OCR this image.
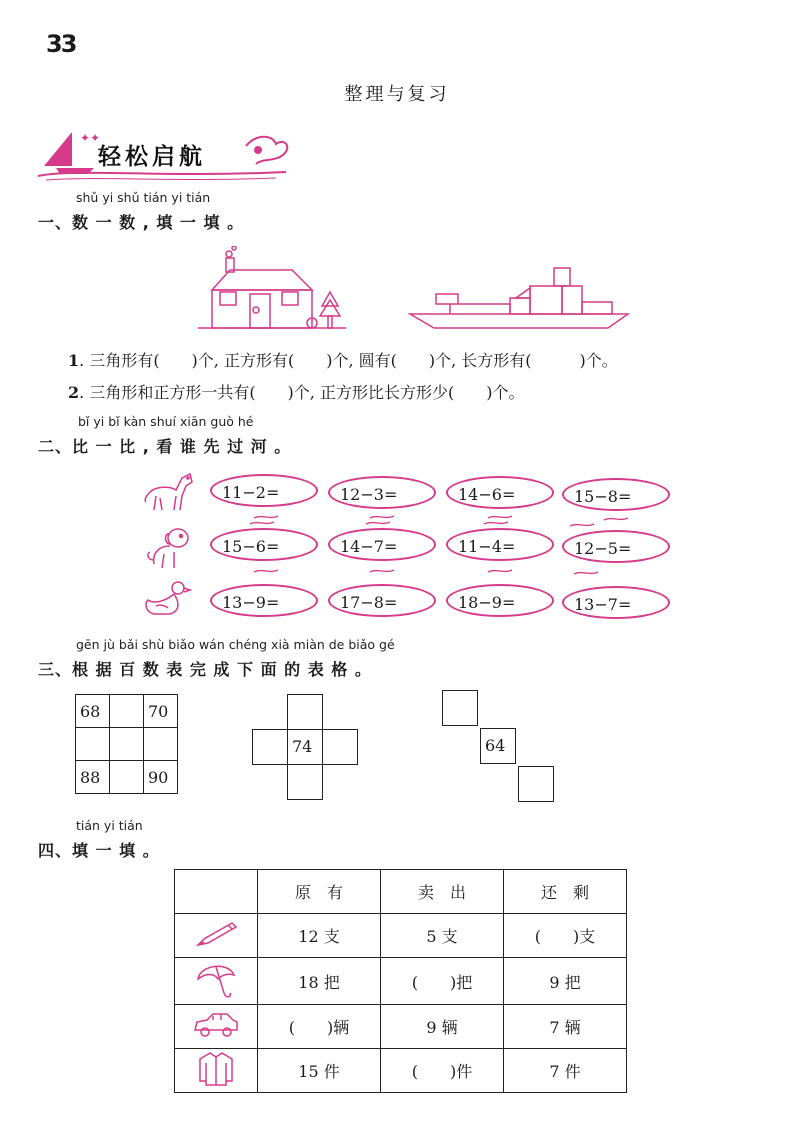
33
整理与复习
✦✦
轻松启航
shǔ yi shǔ tián yi tián
一、数 一 数 , 填 一 填 。
1. 三角形有(　　)个, 正方形有(　　)个, 圆有(　　)个, 长方形有(　　　)个。
2. 三角形和正方形一共有(　　)个, 正方形比长方形少(　　)个。
bǐ yi bǐ kàn shuí xiān guò hé
二、比 一 比 , 看 谁 先 过 河 。
11−2=	12−3=	14−6=	15−8=
15−6=	14−7=	11−4=	12−5=
13−9=	17−8=	18−9=	13−7=
gēn jù bǎi shù biǎo wán chéng xià miàn de biǎo gé
三、根 据 百 数 表 完 成 下 面 的 表 格 。
68		70

88		90
74	64
tián yi tián
四、填 一 填 。
	原　有	卖　出	还　剩
	12 支	5 支	(　　)支
	18 把	(　　)把	9 把
	(　　)辆	9 辆	7 辆
	15 件	(　　)件	7 件
